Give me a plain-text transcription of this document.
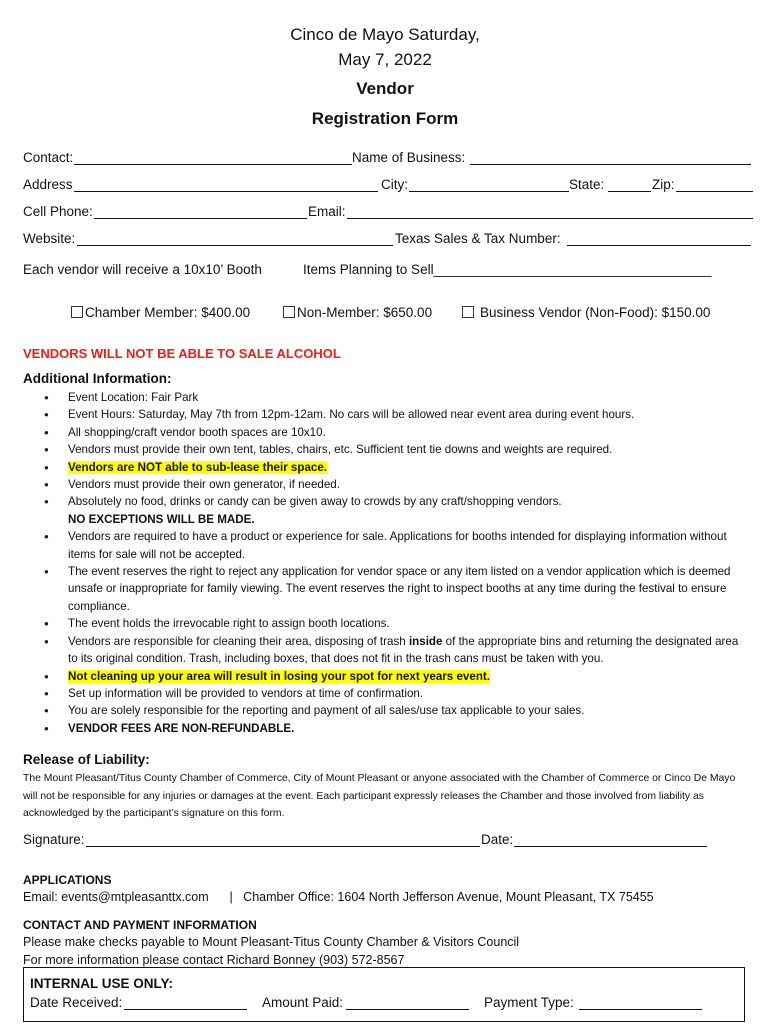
Cinco de Mayo Saturday,
May 7, 2022
Vendor
Registration Form
Contact:	Name of Business:
Address	City:	State:	Zip:
Cell Phone:	Email:
Website:	Texas Sales & Tax Number:
Each vendor will receive a 10x10’ Booth	Items Planning to Sell_____________________________________
Chamber Member: $400.00	Non-Member: $650.00	Business Vendor (Non-Food): $150.00
VENDORS WILL NOT BE ABLE TO SALE ALCOHOL
Additional Information:
● Event Location: Fair Park
● Event Hours: Saturday, May 7th from 12pm-12am. No cars will be allowed near event area during event hours.
● All shopping/craft vendor booth spaces are 10x10.
● Vendors must provide their own tent, tables, chairs, etc. Sufficient tent tie downs and weights are required.
● Vendors are NOT able to sub-lease their space.
● Vendors must provide their own generator, if needed.
● Absolutely no food, drinks or candy can be given away to crowds by any craft/shopping vendors.
NO EXCEPTIONS WILL BE MADE.
● Vendors are required to have a product or experience for sale. Applications for booths intended for displaying information without items for sale will not be accepted.
● The event reserves the right to reject any application for vendor space or any item listed on a vendor application which is deemed unsafe or inappropriate for family viewing. The event reserves the right to inspect booths at any time during the festival to ensure compliance.
● The event holds the irrevocable right to assign booth locations.
● Vendors are responsible for cleaning their area, disposing of trash inside of the appropriate bins and returning the designated area to its original condition. Trash, including boxes, that does not fit in the trash cans must be taken with you.
● Not cleaning up your area will result in losing your spot for next years event.
● Set up information will be provided to vendors at time of confirmation.
● You are solely responsible for the reporting and payment of all sales/use tax applicable to your sales.
● VENDOR FEES ARE NON-REFUNDABLE.
Release of Liability:
The Mount Pleasant/Titus County Chamber of Commerce, City of Mount Pleasant or anyone associated with the Chamber of Commerce or Cinco De Mayo will not be responsible for any injuries or damages at the event. Each participant expressly releases the Chamber and those involved from liability as acknowledged by the participant’s signature on this form.
Signature:	Date:
APPLICATIONS
Email: events@mtpleasanttx.com      |   Chamber Office: 1604 North Jefferson Avenue, Mount Pleasant, TX 75455
CONTACT AND PAYMENT INFORMATION
Please make checks payable to Mount Pleasant-Titus County Chamber & Visitors Council
For more information please contact Richard Bonney (903) 572-8567
INTERNAL USE ONLY:
Date Received:	Amount Paid:	Payment Type:
